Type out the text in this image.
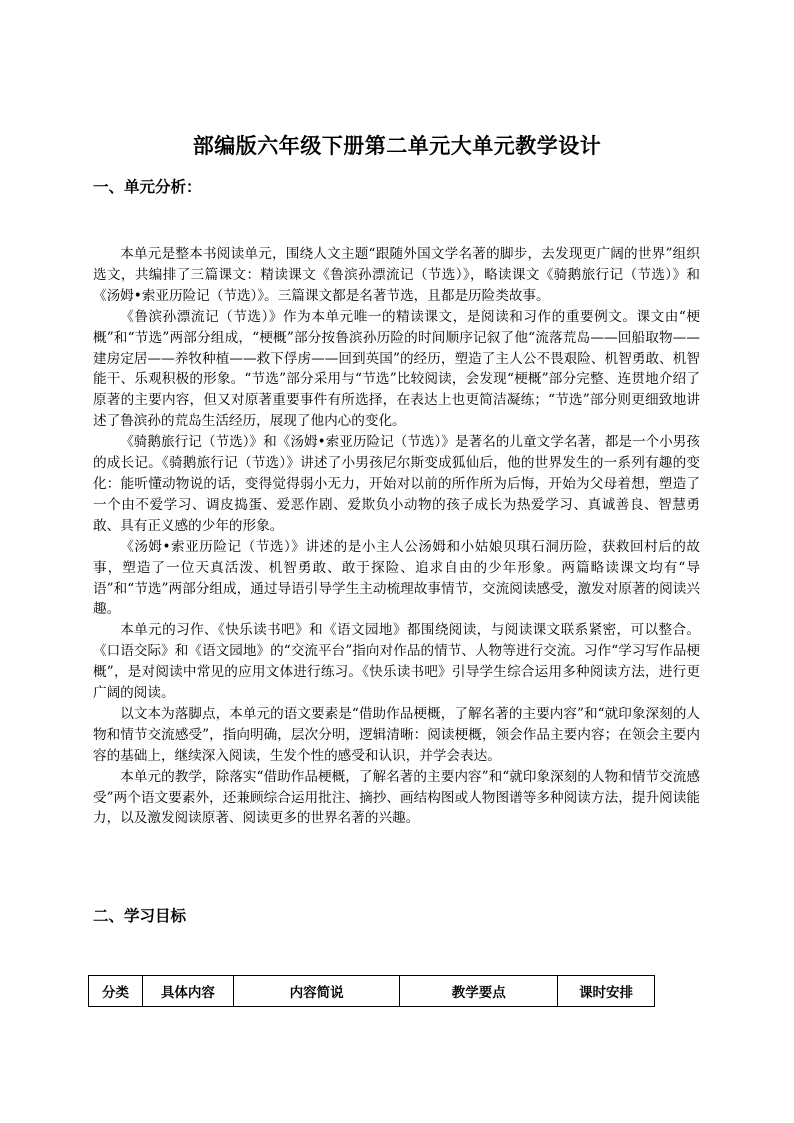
部编版六年级下册第二单元大单元教学设计
一、单元分析：

本单元是整本书阅读单元，围绕人文主题“跟随外国文学名著的脚步，去发现更广阔的世界”组织选文，共编排了三篇课文：精读课文《鲁滨孙漂流记（节选）》，略读课文《骑鹅旅行记（节选）》和《汤姆•索亚历险记（节选）》。三篇课文都是名著节选，且都是历险类故事。

《鲁滨孙漂流记（节选）》作为本单元唯一的精读课文，是阅读和习作的重要例文。课文由“梗概”和“节选”两部分组成，“梗概”部分按鲁滨孙历险的时间顺序记叙了他“流落荒岛——回船取物——建房定居——养牧种植——救下俘虏——回到英国”的经历，塑造了主人公不畏艰险、机智勇敢、机智能干、乐观积极的形象。“节选”部分采用与“节选”比较阅读，会发现“梗概”部分完整、连贯地介绍了原著的主要内容，但又对原著重要事件有所选择，在表达上也更简洁凝练；“节选”部分则更细致地讲述了鲁滨孙的荒岛生活经历，展现了他内心的变化。

《骑鹅旅行记（节选）》和《汤姆•索亚历险记（节选）》是著名的儿童文学名著，都是一个小男孩的成长记。《骑鹅旅行记（节选）》讲述了小男孩尼尔斯变成狐仙后，他的世界发生的一系列有趣的变化：能听懂动物说的话，变得觉得弱小无力，开始对以前的所作所为后悔，开始为父母着想，塑造了一个由不爱学习、调皮捣蛋、爱恶作剧、爱欺负小动物的孩子成长为热爱学习、真诚善良、智慧勇敢、具有正义感的少年的形象。

《汤姆•索亚历险记（节选）》讲述的是小主人公汤姆和小姑娘贝琪石洞历险，获救回村后的故事，塑造了一位天真活泼、机智勇敢、敢于探险、追求自由的少年形象。两篇略读课文均有“导语”和“节选”两部分组成，通过导语引导学生主动梳理故事情节，交流阅读感受，激发对原著的阅读兴趣。

本单元的习作、《快乐读书吧》和《语文园地》都围绕阅读，与阅读课文联系紧密，可以整合。《口语交际》和《语文园地》的“交流平台”指向对作品的情节、人物等进行交流。习作“学习写作品梗概”，是对阅读中常见的应用文体进行练习。《快乐读书吧》引导学生综合运用多种阅读方法，进行更广阔的阅读。

以文本为落脚点，本单元的语文要素是“借助作品梗概，了解名著的主要内容”和“就印象深刻的人物和情节交流感受”，指向明确，层次分明，逻辑清晰：阅读梗概，领会作品主要内容；在领会主要内容的基础上，继续深入阅读，生发个性的感受和认识，并学会表达。

本单元的教学，除落实“借助作品梗概，了解名著的主要内容”和“就印象深刻的人物和情节交流感受”两个语文要素外，还兼顾综合运用批注、摘抄、画结构图或人物图谱等多种阅读方法，提升阅读能力，以及激发阅读原著、阅读更多的世界名著的兴趣。

二、学习目标
分类	具体内容	内容简说	教学要点	课时安排
